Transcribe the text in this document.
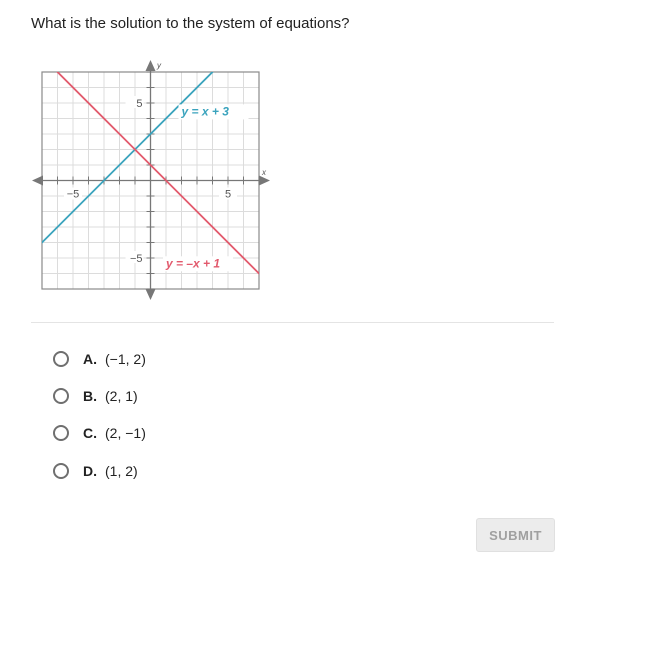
What is the solution to the system of equations?
x
y
−5	5
5
−5
y = x + 3
y = –x + 1
A. (−1, 2)
B. (2, 1)
C. (2, −1)
D. (1, 2)
SUBMIT
